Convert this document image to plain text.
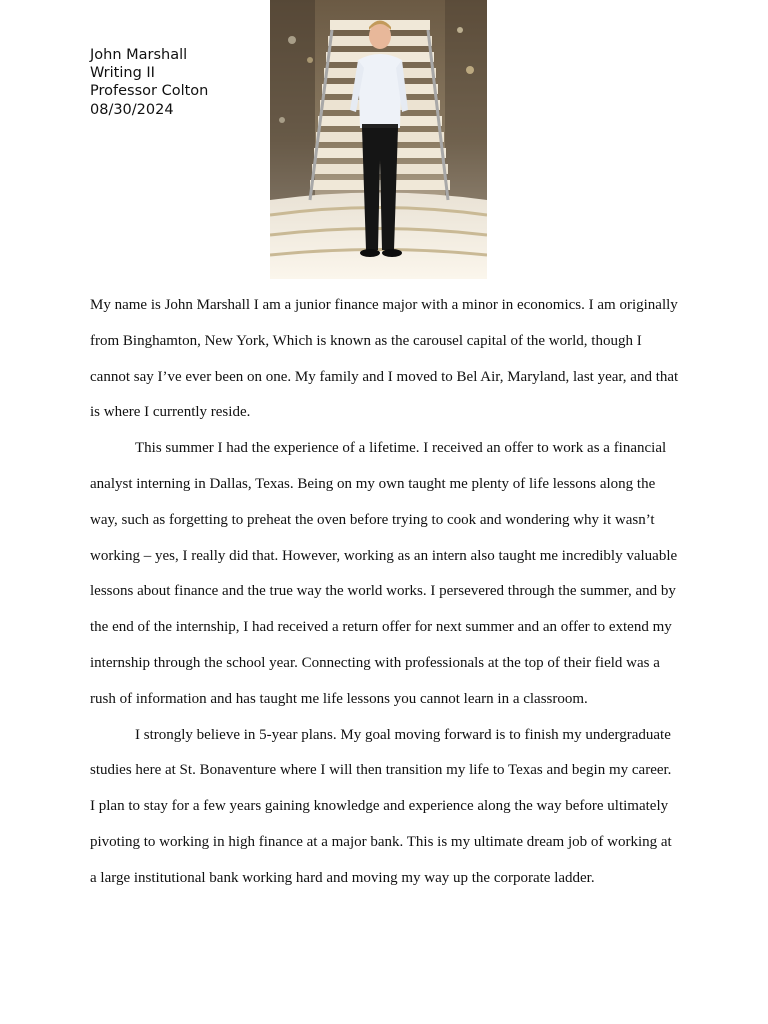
John Marshall
Writing II
Professor Colton
08/30/2024

My name is John Marshall I am a junior finance major with a minor in economics. I am originally from Binghamton, New York, Which is known as the carousel capital of the world, though I cannot say I’ve ever been on one. My family and I moved to Bel Air, Maryland, last year, and that is where I currently reside.

This summer I had the experience of a lifetime. I received an offer to work as a financial analyst interning in Dallas, Texas. Being on my own taught me plenty of life lessons along the way, such as forgetting to preheat the oven before trying to cook and wondering why it wasn’t working – yes, I really did that. However, working as an intern also taught me incredibly valuable lessons about finance and the true way the world works. I persevered through the summer, and by the end of the internship, I had received a return offer for next summer and an offer to extend my internship through the school year. Connecting with professionals at the top of their field was a rush of information and has taught me life lessons you cannot learn in a classroom.

I strongly believe in 5-year plans. My goal moving forward is to finish my undergraduate studies here at St. Bonaventure where I will then transition my life to Texas and begin my career. I plan to stay for a few years gaining knowledge and experience along the way before ultimately pivoting to working in high finance at a major bank. This is my ultimate dream job of working at a large institutional bank working hard and moving my way up the corporate ladder.
